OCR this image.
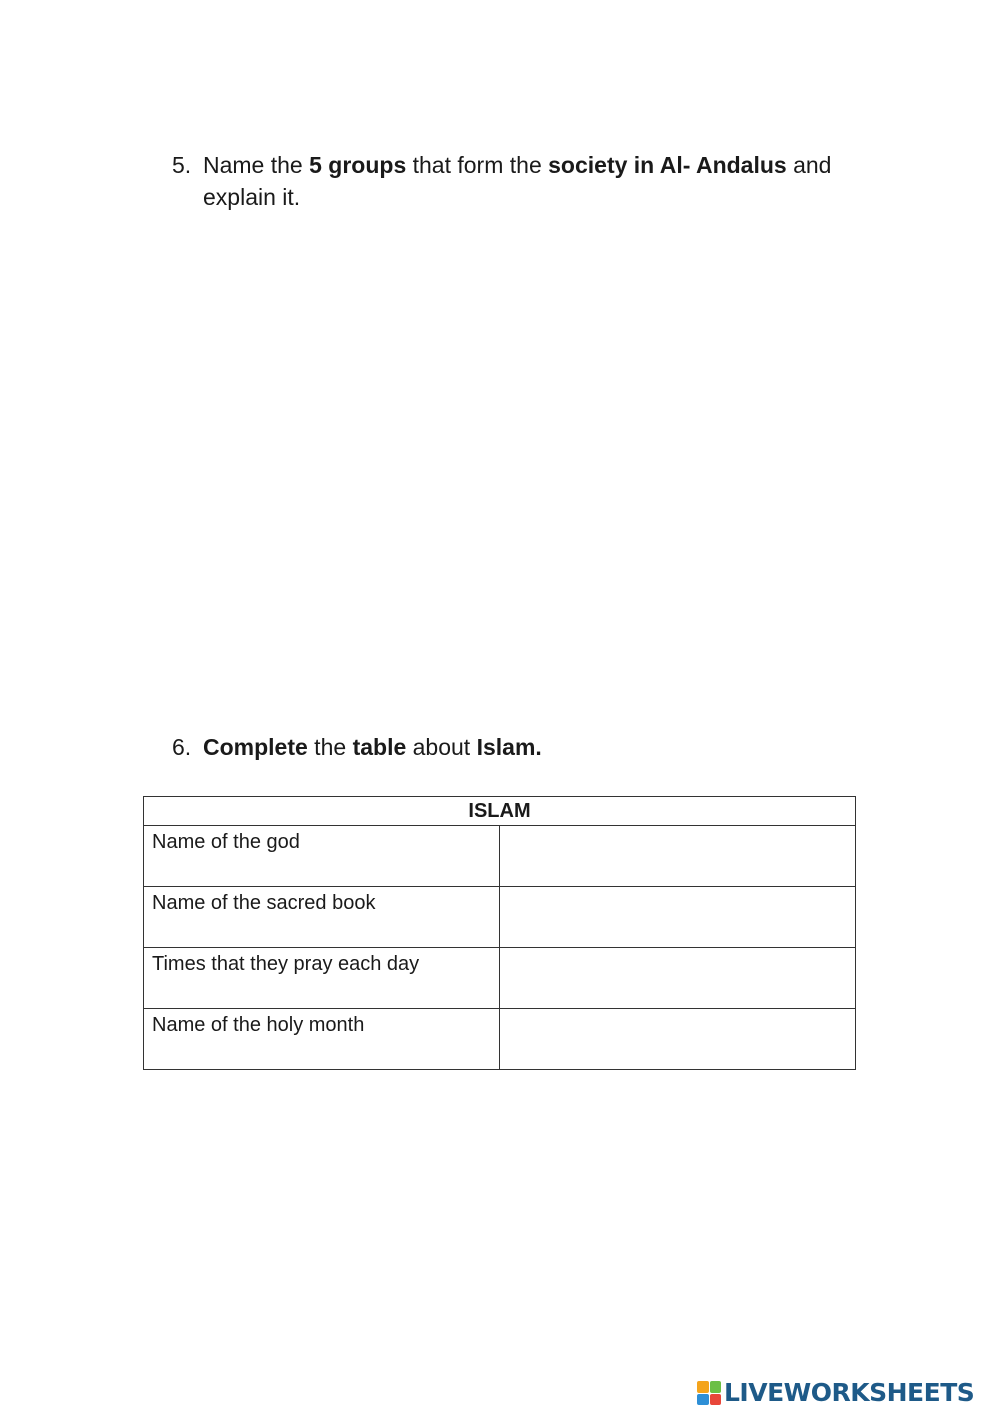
5. Name the 5 groups that form the society in Al- Andalus and explain it.
6. Complete the table about Islam.
ISLAM	
Name of the god	
Name of the sacred book	
Times that they pray each day	
Name of the holy month	
LIVEWORKSHEETS
